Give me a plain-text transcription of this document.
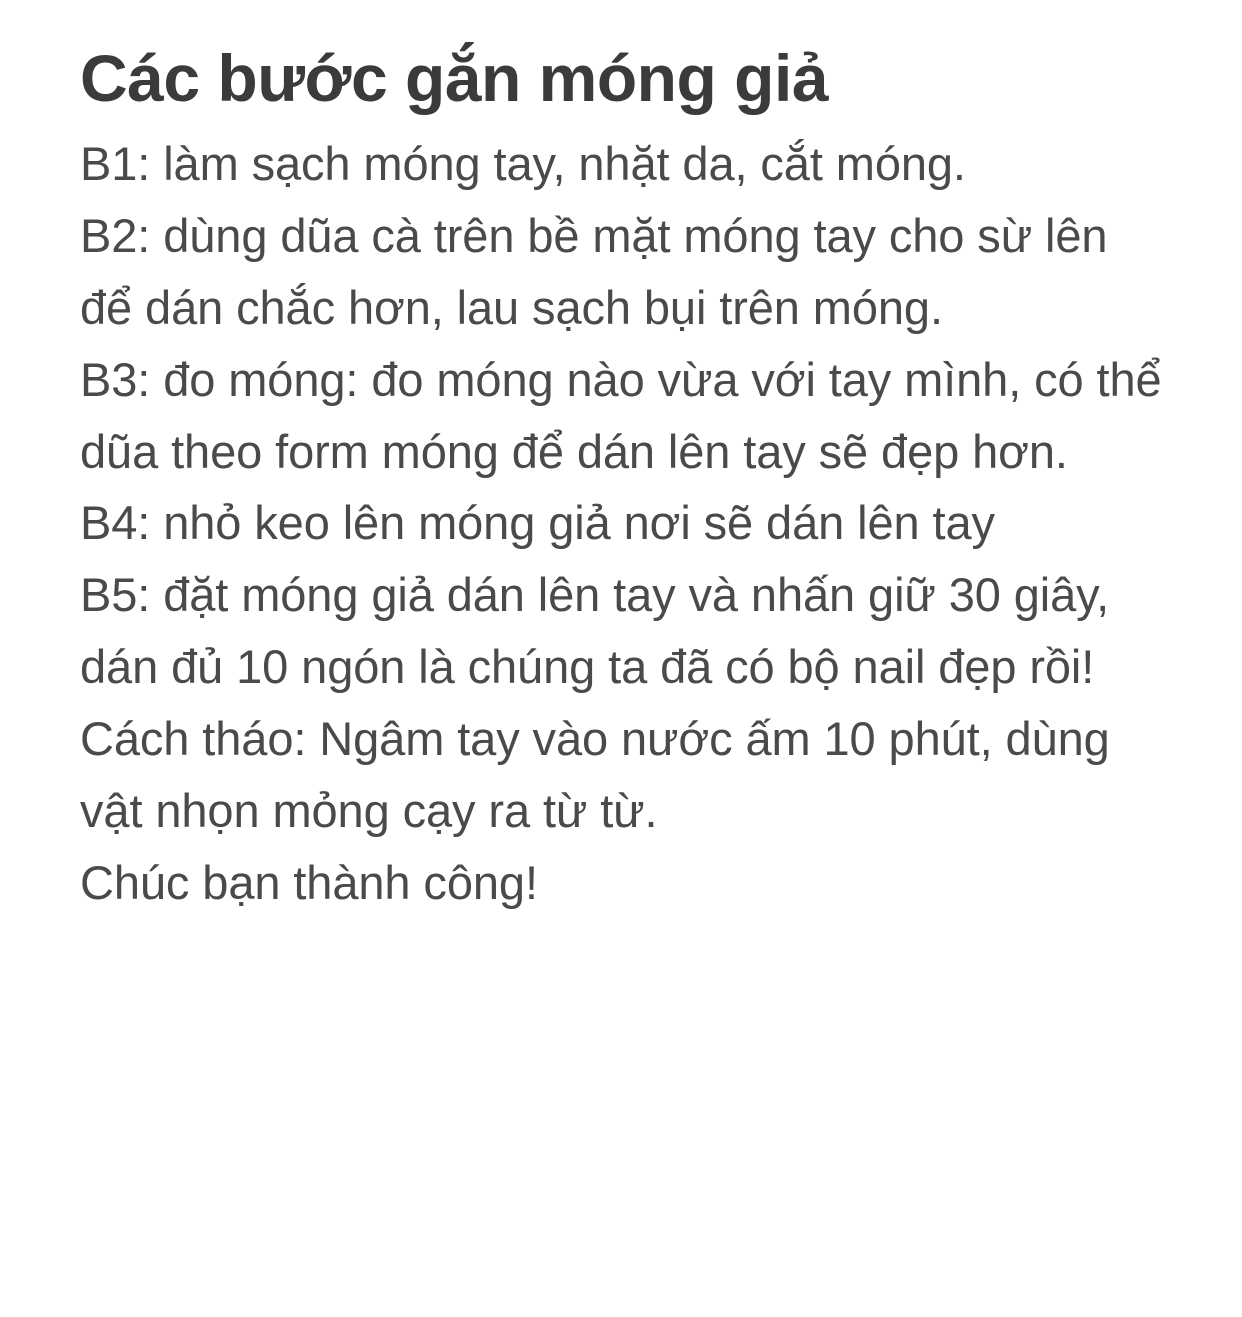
Các bước gắn móng giả

B1: làm sạch móng tay, nhặt da, cắt móng.

B2: dùng dũa cà trên bề mặt móng tay cho sừ lên để dán chắc hơn, lau sạch bụi trên móng.

B3: đo móng: đo móng nào vừa với tay mình, có thể dũa theo form móng để dán lên tay sẽ đẹp hơn.

B4: nhỏ keo lên móng giả nơi sẽ dán lên tay

B5: đặt móng giả dán lên tay và nhấn giữ 30 giây, dán đủ 10 ngón là chúng ta đã có bộ nail đẹp rồi!

Cách tháo: Ngâm tay vào nước ấm 10 phút, dùng vật nhọn mỏng cạy ra từ từ.

Chúc bạn thành công!
